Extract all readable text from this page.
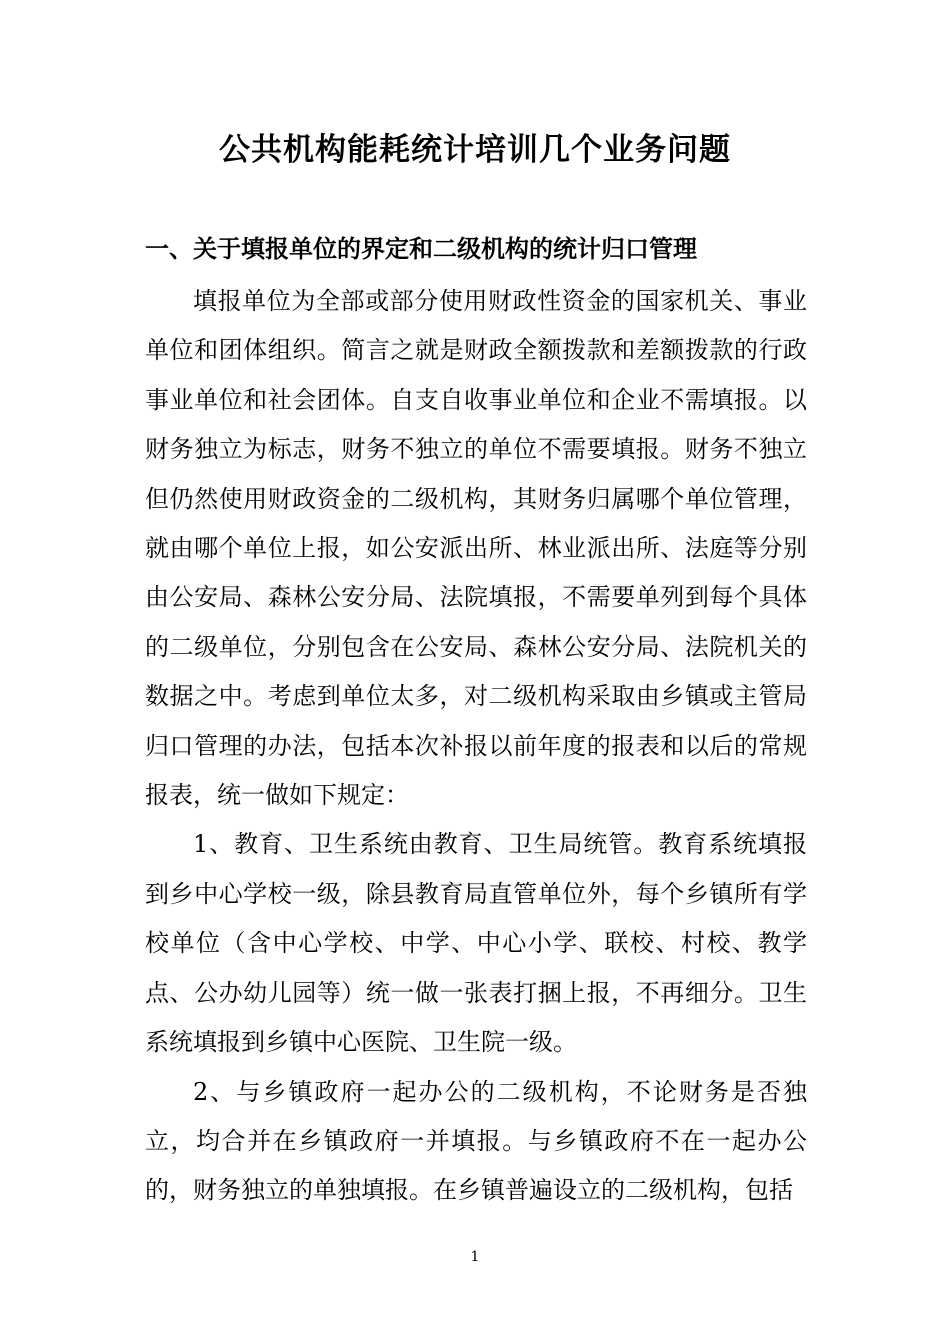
公共机构能耗统计培训几个业务问题
一、关于填报单位的界定和二级机构的统计归口管理

填报单位为全部或部分使用财政性资金的国家机关、事业单位和团体组织。简言之就是财政全额拨款和差额拨款的行政事业单位和社会团体。自支自收事业单位和企业不需填报。以财务独立为标志，财务不独立的单位不需要填报。财务不独立但仍然使用财政资金的二级机构，其财务归属哪个单位管理，就由哪个单位上报，如公安派出所、林业派出所、法庭等分别由公安局、森林公安分局、法院填报，不需要单列到每个具体的二级单位，分别包含在公安局、森林公安分局、法院机关的数据之中。考虑到单位太多，对二级机构采取由乡镇或主管局归口管理的办法，包括本次补报以前年度的报表和以后的常规报表，统一做如下规定：

1、教育、卫生系统由教育、卫生局统管。教育系统填报到乡中心学校一级，除县教育局直管单位外，每个乡镇所有学校单位（含中心学校、中学、中心小学、联校、村校、教学点、公办幼儿园等）统一做一张表打捆上报，不再细分。卫生系统填报到乡镇中心医院、卫生院一级。

2、与乡镇政府一起办公的二级机构，不论财务是否独立，均合并在乡镇政府一并填报。与乡镇政府不在一起办公的，财务独立的单独填报。在乡镇普遍设立的二级机构，包括

1
